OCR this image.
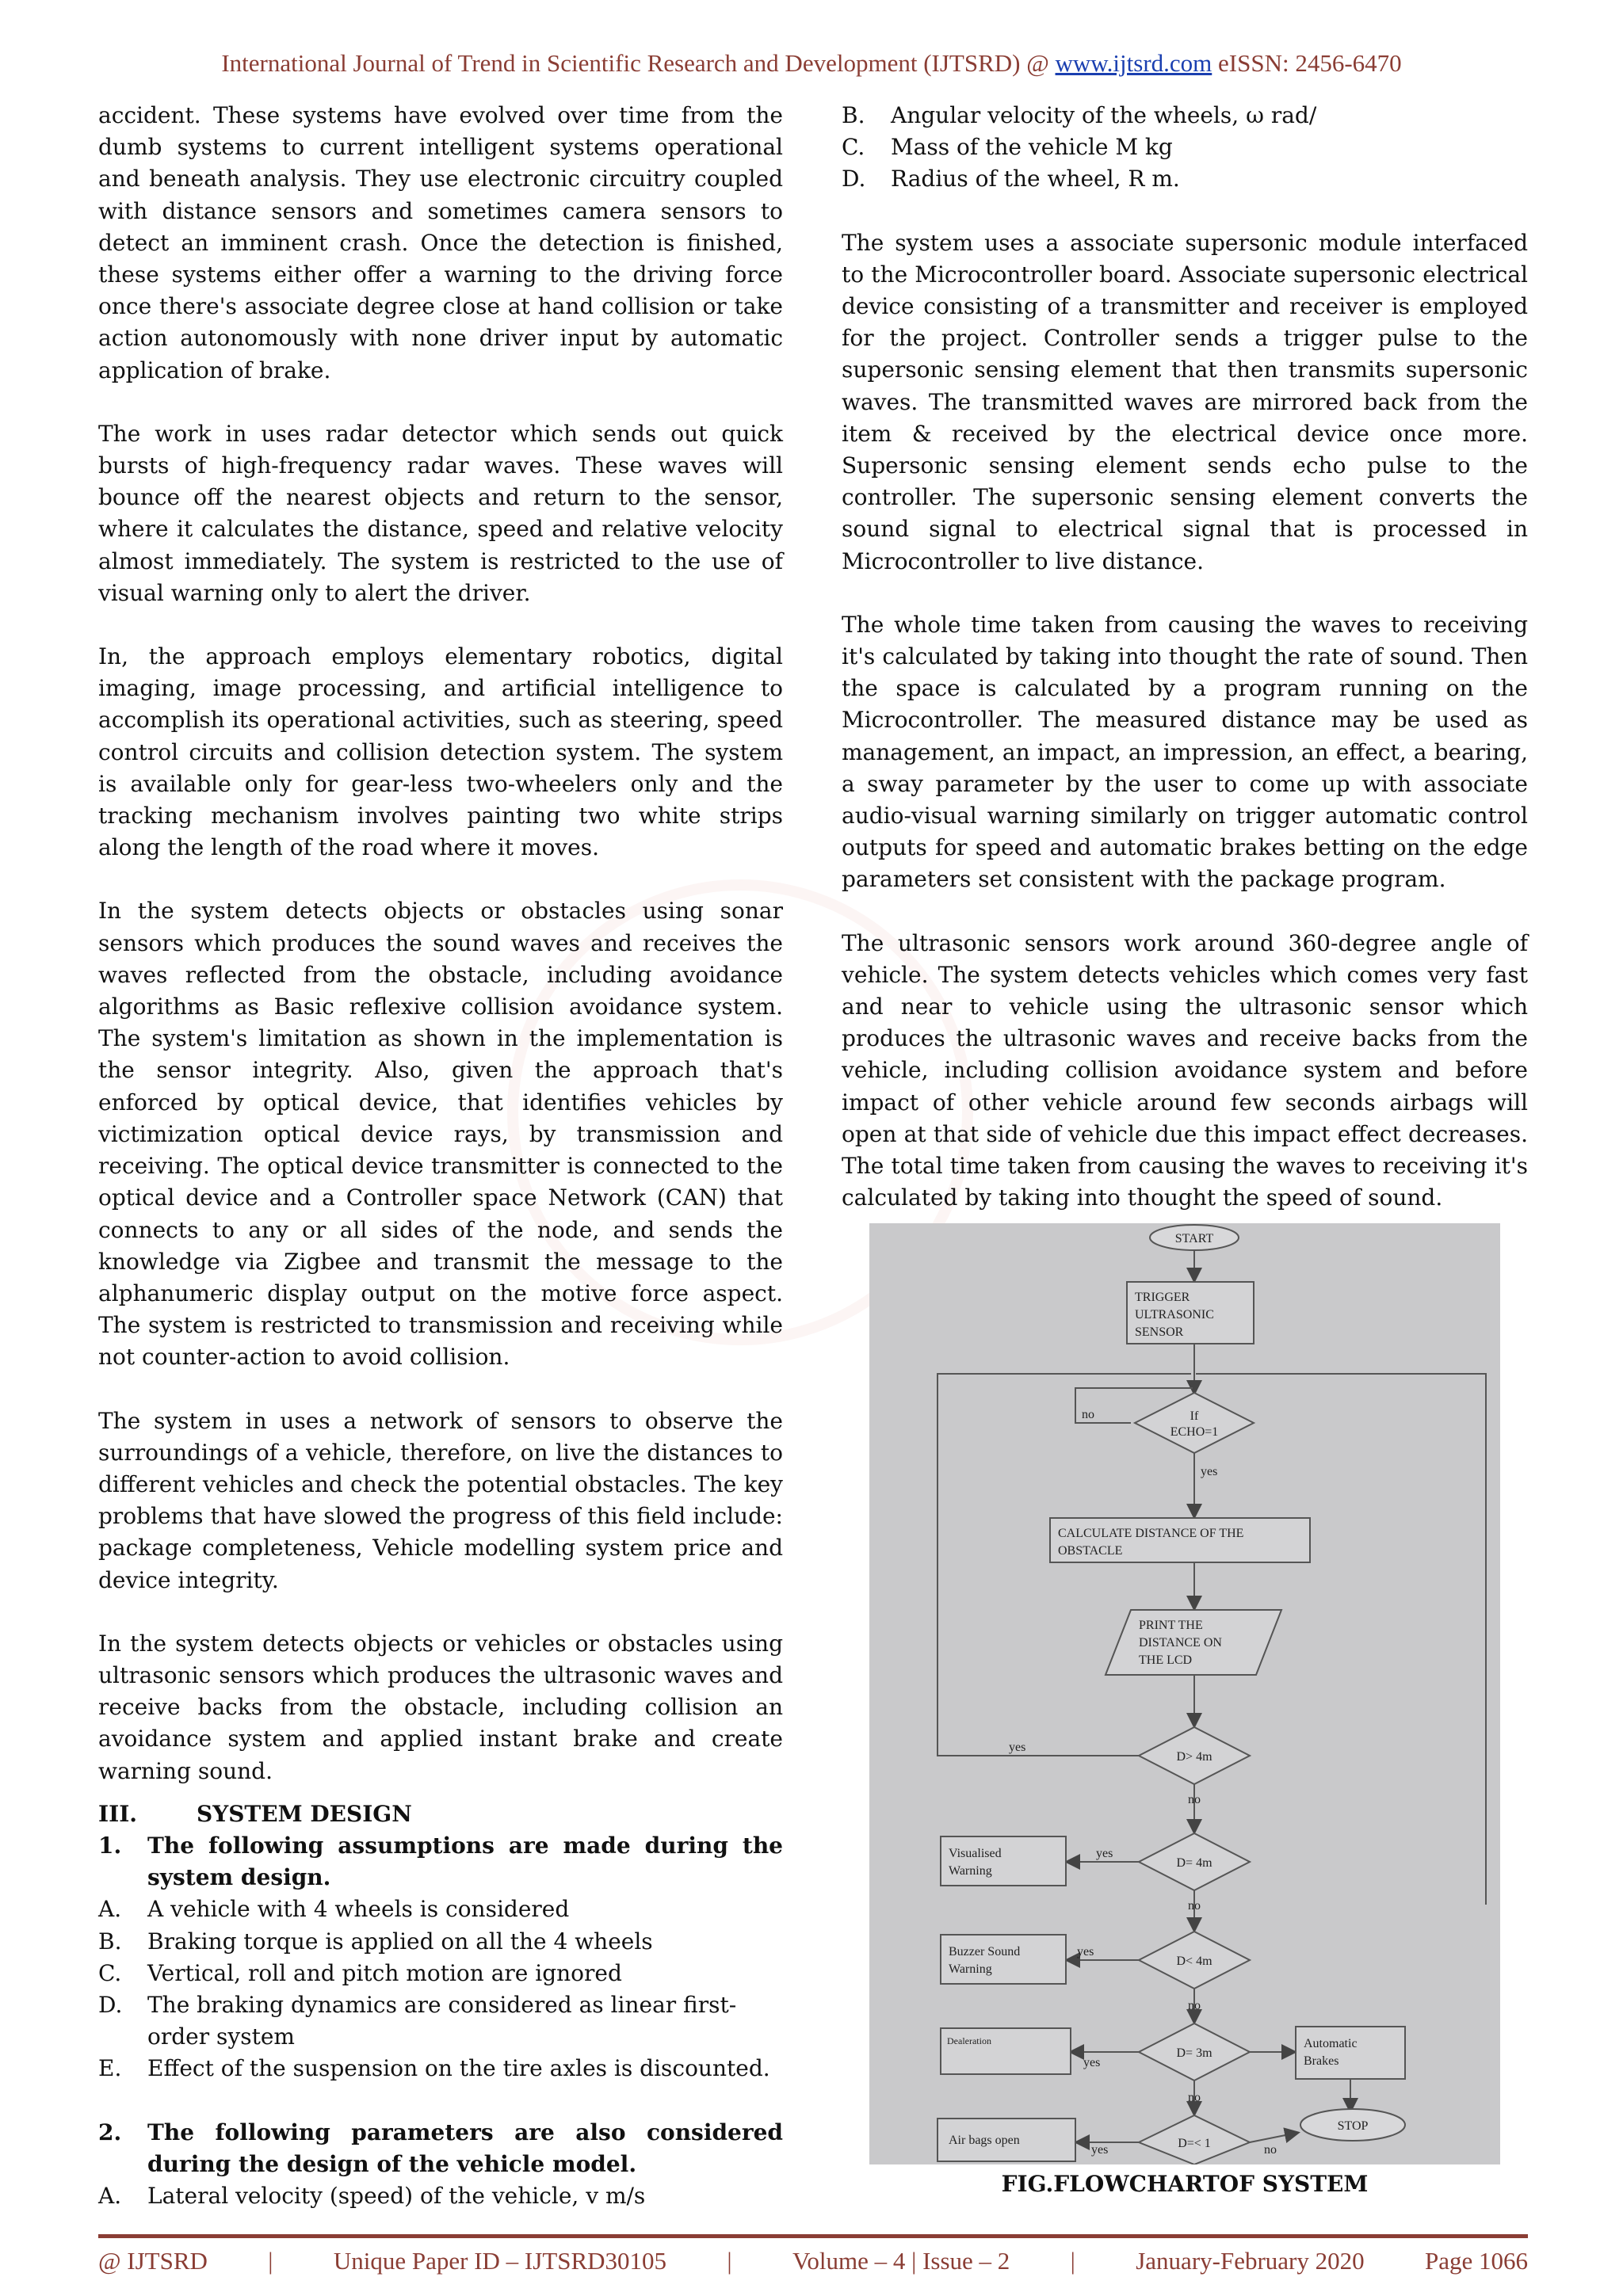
International Journal of Trend in Scientific Research and Development (IJTSRD) @ www.ijtsrd.com eISSN: 2456-6470

accident. These systems have evolved over time from the dumb systems to current intelligent systems operational and beneath analysis. They use electronic circuitry coupled with distance sensors and sometimes camera sensors to detect an imminent crash. Once the detection is finished, these systems either offer a warning to the driving force once there's associate degree close at hand collision or take action autonomously with none driver input by automatic application of brake.

The work in uses radar detector which sends out quick bursts of high-frequency radar waves. These waves will bounce off the nearest objects and return to the sensor, where it calculates the distance, speed and relative velocity almost immediately. The system is restricted to the use of visual warning only to alert the driver.

In, the approach employs elementary robotics, digital imaging, image processing, and artificial intelligence to accomplish its operational activities, such as steering, speed control circuits and collision detection system. The system is available only for gear-less two-wheelers only and the tracking mechanism involves painting two white strips along the length of the road where it moves.

In the system detects objects or obstacles using sonar sensors which produces the sound waves and receives the waves reflected from the obstacle, including avoidance algorithms as Basic reflexive collision avoidance system. The system's limitation as shown in the implementation is the sensor integrity. Also, given the approach that's enforced by optical device, that identifies vehicles by victimization optical device rays, by transmission and receiving. The optical device transmitter is connected to the optical device and a Controller space Network (CAN) that connects to any or all sides of the node, and sends the knowledge via Zigbee and transmit the message to the alphanumeric display output on the motive force aspect. The system is restricted to transmission and receiving while not counter-action to avoid collision.

The system in uses a network of sensors to observe the surroundings of a vehicle, therefore, on live the distances to different vehicles and check the potential obstacles. The key problems that have slowed the progress of this field include: package completeness, Vehicle modelling system price and device integrity.

In the system detects objects or vehicles or obstacles using ultrasonic sensors which produces the ultrasonic waves and receive backs from the obstacle, including collision an avoidance system and applied instant brake and create warning sound.

III.	SYSTEM DESIGN
1.	The following assumptions are made during the system design.
A.	A vehicle with 4 wheels is considered
B.	Braking torque is applied on all the 4 wheels
C.	Vertical, roll and pitch motion are ignored
D.	The braking dynamics are considered as linear first-order system
E.	Effect of the suspension on the tire axles is discounted.
2.	The following parameters are also considered during the design of the vehicle model.
A.	Lateral velocity (speed) of the vehicle, v m/s
B.	Angular velocity of the wheels, ω rad/
C.	Mass of the vehicle M kg
D.	Radius of the wheel, R m.

The system uses a associate supersonic module interfaced to the Microcontroller board. Associate supersonic electrical device consisting of a transmitter and receiver is employed for the project. Controller sends a trigger pulse to the supersonic sensing element that then transmits supersonic waves. The transmitted waves are mirrored back from the item & received by the electrical device once more. Supersonic sensing element sends echo pulse to the controller. The supersonic sensing element converts the sound signal to electrical signal that is processed in Microcontroller to live distance.

The whole time taken from causing the waves to receiving it's calculated by taking into thought the rate of sound. Then the space is calculated by a program running on the Microcontroller. The measured distance may be used as management, an impact, an impression, an effect, a bearing, a sway parameter by the user to come up with associate audio-visual warning similarly on trigger automatic control outputs for speed and automatic brakes betting on the edge parameters set consistent with the package program.

The ultrasonic sensors work around 360-degree angle of vehicle. The system detects vehicles which comes very fast and near to vehicle using the ultrasonic sensor which produces the ultrasonic waves and receive backs from the vehicle, including collision avoidance system and before impact of other vehicle around few seconds airbags will open at that side of vehicle due this impact effect decreases. The total time taken from causing the waves to receiving it's calculated by taking into thought the speed of sound.

START
TRIGGER
ULTRASONIC
SENSOR
If
ECHO=1
no
yes
CALCULATE DISTANCE OF THE
OBSTACLE
PRINT THE
DISTANCE ON
THE LCD
D> 4m
yes
no
D= 4m
yes
Visualised
Warning
no
D< 4m
yes
Buzzer Sound
Warning
no
D= 3m
yes
Dealeration	Automatic
Brakes
no
D=< 1
yes	no
Air bags open
STOP
FIG.FLOWCHARTOF SYSTEM
@ IJTSRD | Unique Paper ID – IJTSRD30105 | Volume – 4 | Issue – 2 | January-February 2020 Page 1066
